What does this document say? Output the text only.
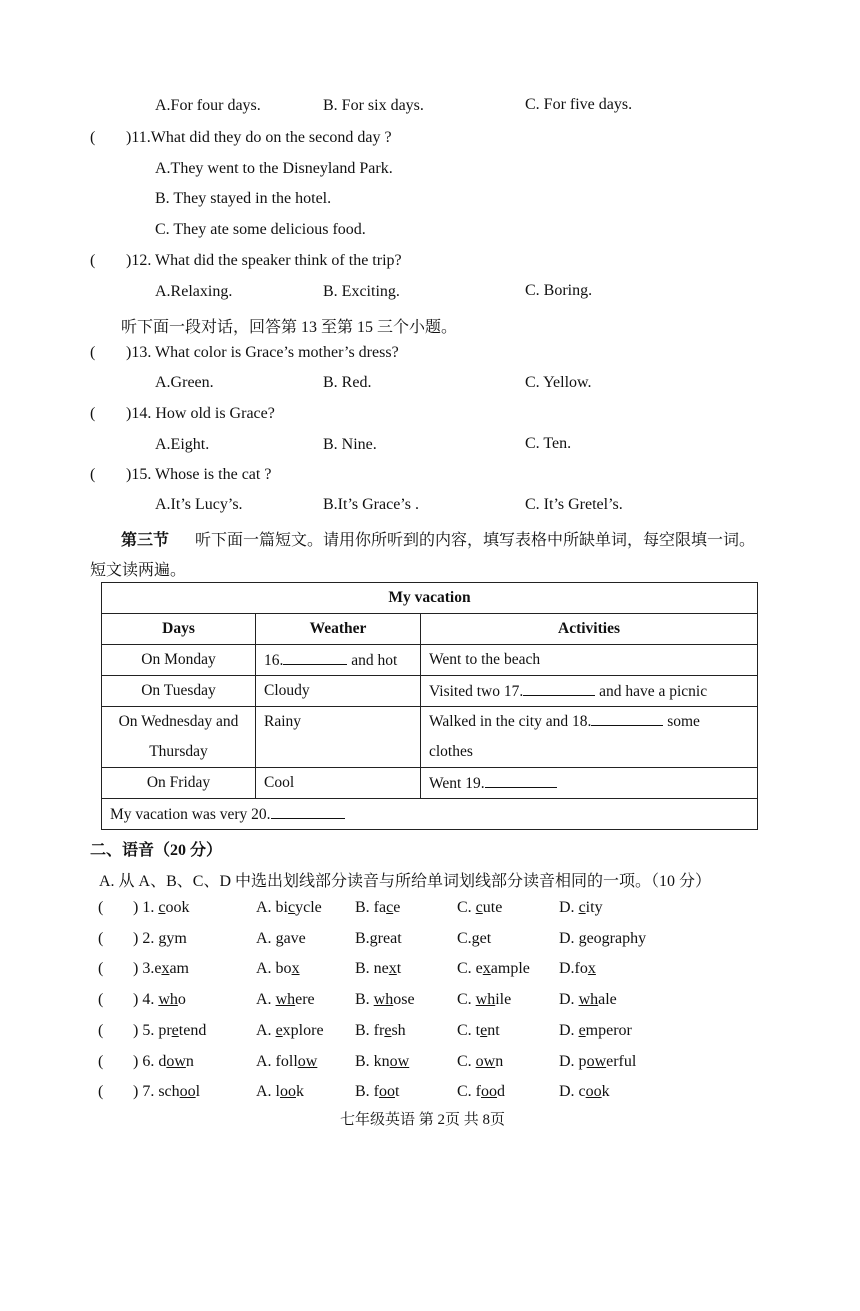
A.For four days.	B. For six days.	C. For five days.
( )11.What did they do on the second day ?
A.They went to the Disneyland Park.
B. They stayed in the hotel.
C. They ate some delicious food.
( )12. What did the speaker think of the trip?
A.Relaxing.	B. Exciting.	C. Boring.
听下面一段对话，回答第 13 至第 15 三个小题。
( )13. What color is Grace’s mother’s dress?
A.Green.	B. Red.	C. Yellow.
( )14. How old is Grace?
A.Eight.	B. Nine.	C. Ten.
( )15. Whose is the cat ?
A.It’s Lucy’s.	B.It’s Grace’s .	C. It’s Gretel’s.
第三节 听下面一篇短文。请用你所听到的内容，填写表格中所缺单词，每空限填一词。
短文读两遍。
My vacation		
Days	Weather	Activities
On Monday	16. and hot	Went to the beach
On Tuesday	Cloudy	Visited two 17. and have a picnic
On Wednesday and
Thursday	Rainy	Walked in the city and 18. some
clothes
On Friday	Cool	Went 19.
My vacation was very 20.		
二、语音（20 分）
A. 从 A、B、C、D 中选出划线部分读音与所给单词划线部分读音相同的一项。（10 分）
( ) 1. cook	A. bicycle B. face	C. cute	D. city
( ) 2. gym	A. gave	B.great	C.get	D. geography
( ) 3.exam	A. box	B. next	C. example D.fox
( ) 4. who	A. where	B. whose	C. while	D. whale
( ) 5. pretend	A. explore B. fresh	C. tent	D. emperor
( ) 6. down	A. follow B. know	C. own	D. powerful
( ) 7. school	A. look	B. foot	C. food	D. cook
七年级英语 第 2页 共 8页
